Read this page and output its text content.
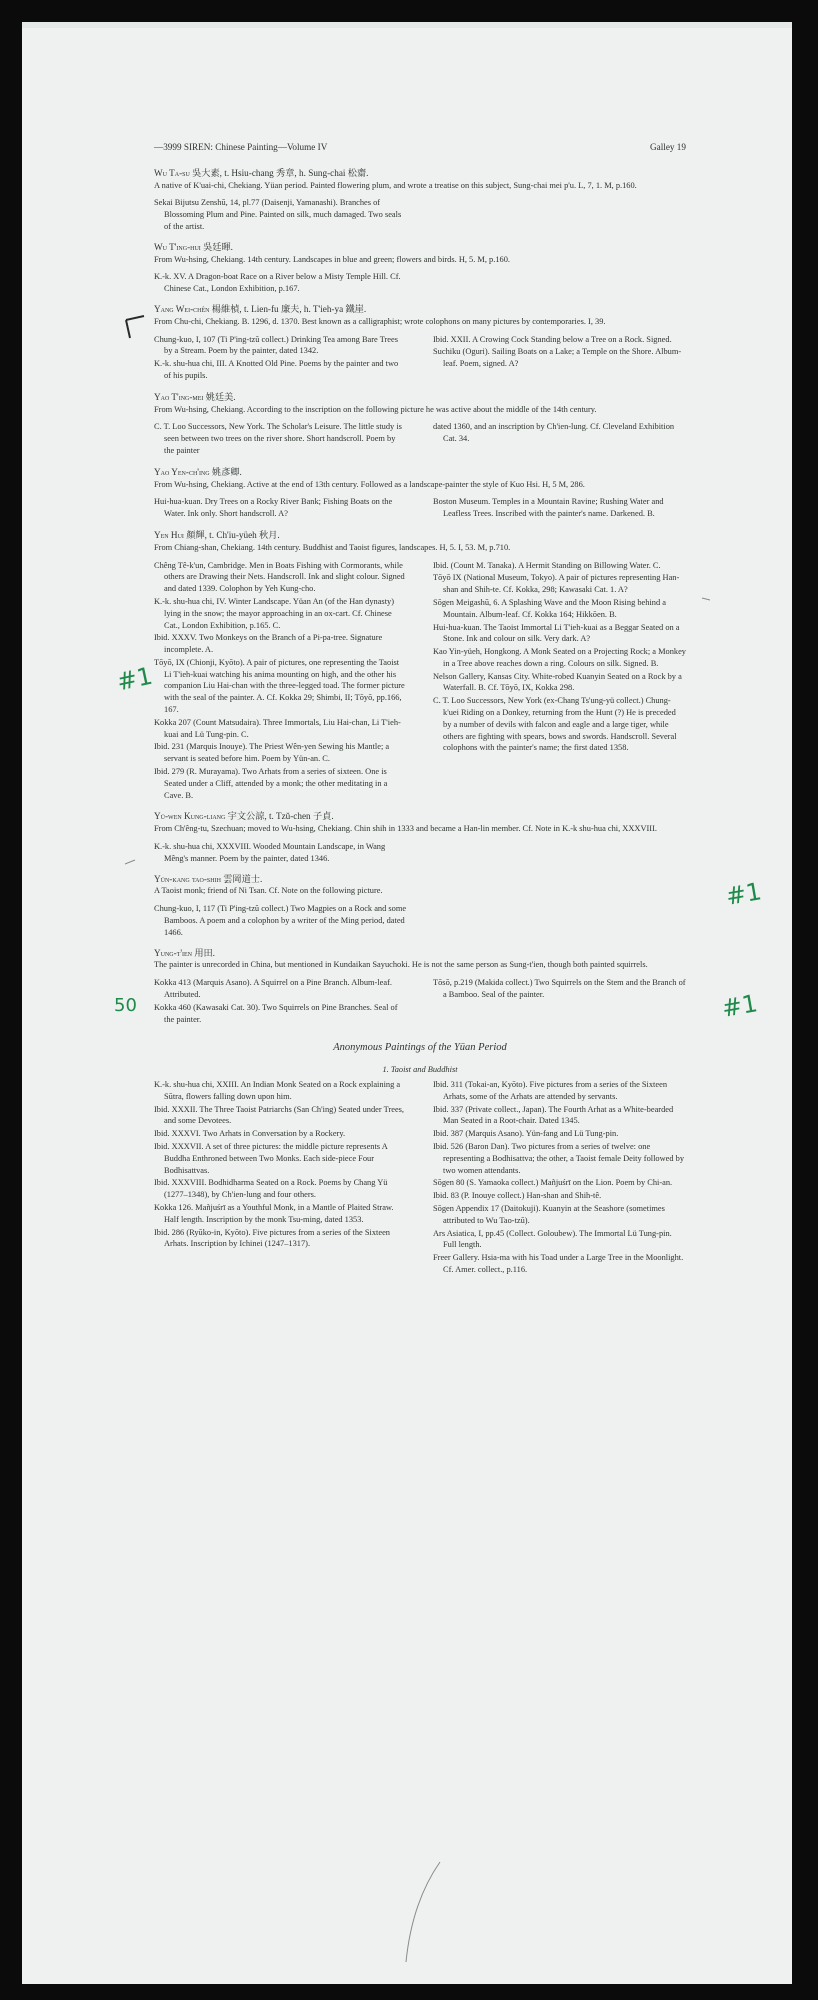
—3999 SIREN: Chinese Painting—Volume IV	Galley 19
Wu Ta-su 吳大素, t. Hsiu-chang 秀章, h. Sung-chai 松齋.
A native of K'uai-chi, Chekiang. Yüan period. Painted flowering plum, and wrote a treatise on this subject, Sung-chai mei p'u. L, 7, 1. M, p.160.
Sekai Bijutsu Zenshū, 14, pl.77 (Daisenji, Yamanashi). Branches of Blossoming Plum and Pine. Painted on silk, much damaged. Two seals of the artist.
Wu T'ing-hui 吳廷暉.
From Wu-hsing, Chekiang. 14th century. Landscapes in blue and green; flowers and birds. H, 5. M, p.160.
K.-k. XV. A Dragon-boat Race on a River below a Misty Temple Hill. Cf. Chinese Cat., London Exhibition, p.167.
Yang Wei-chên 楊維楨, t. Lien-fu 廉夫, h. T'ieh-ya 鐵崖.
From Chu-chi, Chekiang. B. 1296, d. 1370. Best known as a calligraphist; wrote colophons on many pictures by contemporaries. I, 39.
Chung-kuo, I, 107 (Ti P'ing-tzŭ collect.) Drinking Tea among Bare Trees by a Stream. Poem by the painter, dated 1342.
K.-k. shu-hua chi, III. A Knotted Old Pine. Poems by the painter and two of his pupils.
Ibid. XXII. A Crowing Cock Standing below a Tree on a Rock. Signed.
Suchiku (Oguri). Sailing Boats on a Lake; a Temple on the Shore. Album-leaf. Poem, signed. A?
Yao T'ing-mei 姚廷美.
From Wu-hsing, Chekiang. According to the inscription on the following picture he was active about the middle of the 14th century.
C. T. Loo Successors, New York. The Scholar's Leisure. The little study is seen between two trees on the river shore. Short handscroll. Poem by the painter
dated 1360, and an inscription by Ch'ien-lung. Cf. Cleveland Exhibition Cat. 34.
Yao Yen-ch'ing 姚彥卿.
From Wu-hsing, Chekiang. Active at the end of 13th century. Followed as a landscape-painter the style of Kuo Hsi. H, 5 M, 286.
Hui-hua-kuan. Dry Trees on a Rocky River Bank; Fishing Boats on the Water. Ink only. Short handscroll. A?
Boston Museum. Temples in a Mountain Ravine; Rushing Water and Leafless Trees. Inscribed with the painter's name. Darkened. B.
Yen Hui 顏輝, t. Ch'iu-yüeh 秋月.
From Chiang-shan, Chekiang. 14th century. Buddhist and Taoist figures, landscapes. H, 5. I, 53. M, p.710.
Chêng Tê-k'un, Cambridge. Men in Boats Fishing with Cormorants, while others are Drawing their Nets. Handscroll. Ink and slight colour. Signed and dated 1339. Colophon by Yeh Kung-cho.
K.-k. shu-hua chi, IV. Winter Landscape. Yüan An (of the Han dynasty) lying in the snow; the mayor approaching in an ox-cart. Cf. Chinese Cat., London Exhibition, p.165. C.
Ibid. XXXV. Two Monkeys on the Branch of a Pi-pa-tree. Signature incomplete. A.
Tōyō, IX (Chionji, Kyōto). A pair of pictures, one representing the Taoist Li T'ieh-kuai watching his anima mounting on high, and the other his companion Liu Hai-chan with the three-legged toad. The former picture with the seal of the painter. A. Cf. Kokka 29; Shimbi, II; Tōyō, pp.166, 167.
Kokka 207 (Count Matsudaira). Three Immortals, Liu Hai-chan, Li T'ieh-kuai and Lü Tung-pin. C.
Ibid. 231 (Marquis Inouye). The Priest Wên-yen Sewing his Mantle; a servant is seated before him. Poem by Yün-an. C.
Ibid. 279 (R. Murayama). Two Arhats from a series of sixteen. One is Seated under a Cliff, attended by a monk; the other meditating in a Cave. B.
Ibid. (Count M. Tanaka). A Hermit Standing on Billowing Water. C.
Tōyō IX (National Museum, Tokyo). A pair of pictures representing Han-shan and Shih-te. Cf. Kokka, 298; Kawasaki Cat. 1. A?
Sōgen Meigashū, 6. A Splashing Wave and the Moon Rising behind a Mountain. Album-leaf. Cf. Kokka 164; Hikkōen. B.
Hui-hua-kuan. The Taoist Immortal Li T'ieh-kuai as a Beggar Seated on a Stone. Ink and colour on silk. Very dark. A?
Kao Yin-yüeh, Hongkong. A Monk Seated on a Projecting Rock; a Monkey in a Tree above reaches down a ring. Colours on silk. Signed. B.
Nelson Gallery, Kansas City. White-robed Kuanyin Seated on a Rock by a Waterfall. B. Cf. Tōyō, IX, Kokka 298.
C. T. Loo Successors, New York (ex-Chang Ts'ung-yü collect.) Chung-k'uei Riding on a Donkey, returning from the Hunt (?) He is preceded by a number of devils with falcon and eagle and a large tiger, while others are fighting with spears, bows and swords. Handscroll. Several colophons with the painter's name; the first dated 1358.
Yü-wen Kung-liang 宇文公諒, t. Tzŭ-chen 子貞.
From Ch'êng-tu, Szechuan; moved to Wu-hsing, Chekiang. Chin shih in 1333 and became a Han-lin member. Cf. Note in K.-k shu-hua chi, XXXVIII.
K.-k. shu-hua chi, XXXVIII. Wooded Mountain Landscape, in Wang Mêng's manner. Poem by the painter, dated 1346.
Yün-kang tao-shih 雲岡道士.
A Taoist monk; friend of Ni Tsan. Cf. Note on the following picture.
Chung-kuo, I, 117 (Ti P'ing-tzŭ collect.) Two Magpies on a Rock and some Bamboos. A poem and a colophon by a writer of the Ming period, dated 1466.
Yung-t'ien 用田.
The painter is unrecorded in China, but mentioned in Kundaikan Sayuchoki. He is not the same person as Sung-t'ien, though both painted squirrels.
Kokka 413 (Marquis Asano). A Squirrel on a Pine Branch. Album-leaf. Attributed.
Kokka 460 (Kawasaki Cat. 30). Two Squirrels on Pine Branches. Seal of the painter.
Tōsō, p.219 (Makida collect.) Two Squirrels on the Stem and the Branch of a Bamboo. Seal of the painter.
Anonymous Paintings of the Yüan Period
1. Taoist and Buddhist
K.-k. shu-hua chi, XXIII. An Indian Monk Seated on a Rock explaining a Sūtra, flowers falling down upon him.
Ibid. XXXII. The Three Taoist Patriarchs (San Ch'ing) Seated under Trees, and some Devotees.
Ibid. XXXVI. Two Arhats in Conversation by a Rockery.
Ibid. XXXVII. A set of three pictures: the middle picture represents A Buddha Enthroned between Two Monks. Each side-piece Four Bodhisattvas.
Ibid. XXXVIII. Bodhidharma Seated on a Rock. Poems by Chang Yü (1277–1348), by Ch'ien-lung and four others.
Kokka 126. Mañjuśrī as a Youthful Monk, in a Mantle of Plaited Straw. Half length. Inscription by the monk Tsu-ming, dated 1353.
Ibid. 286 (Ryūko-in, Kyōto). Five pictures from a series of the Sixteen Arhats. Inscription by Ichinei (1247–1317).
Ibid. 311 (Tokai-an, Kyōto). Five pictures from a series of the Sixteen Arhats, some of the Arhats are attended by servants.
Ibid. 337 (Private collect., Japan). The Fourth Arhat as a White-bearded Man Seated in a Root-chair. Dated 1345.
Ibid. 387 (Marquis Asano). Yün-fang and Lü Tung-pin.
Ibid. 526 (Baron Dan). Two pictures from a series of twelve: one representing a Bodhisattva; the other, a Taoist female Deity followed by two women attendants.
Sōgen 80 (S. Yamaoka collect.) Mañjuśrī on the Lion. Poem by Chi-an.
Ibid. 83 (P. Inouye collect.) Han-shan and Shih-tê.
Sōgen Appendix 17 (Daitokuji). Kuanyin at the Seashore (sometimes attributed to Wu Tao-tzŭ).
Ars Asiatica, I, pp.45 (Collect. Goloubew). The Immortal Lü Tung-pin. Full length.
Freer Gallery. Hsia-ma with his Toad under a Large Tree in the Moonlight. Cf. Amer. collect., p.116.
#1
#1
#1
50
